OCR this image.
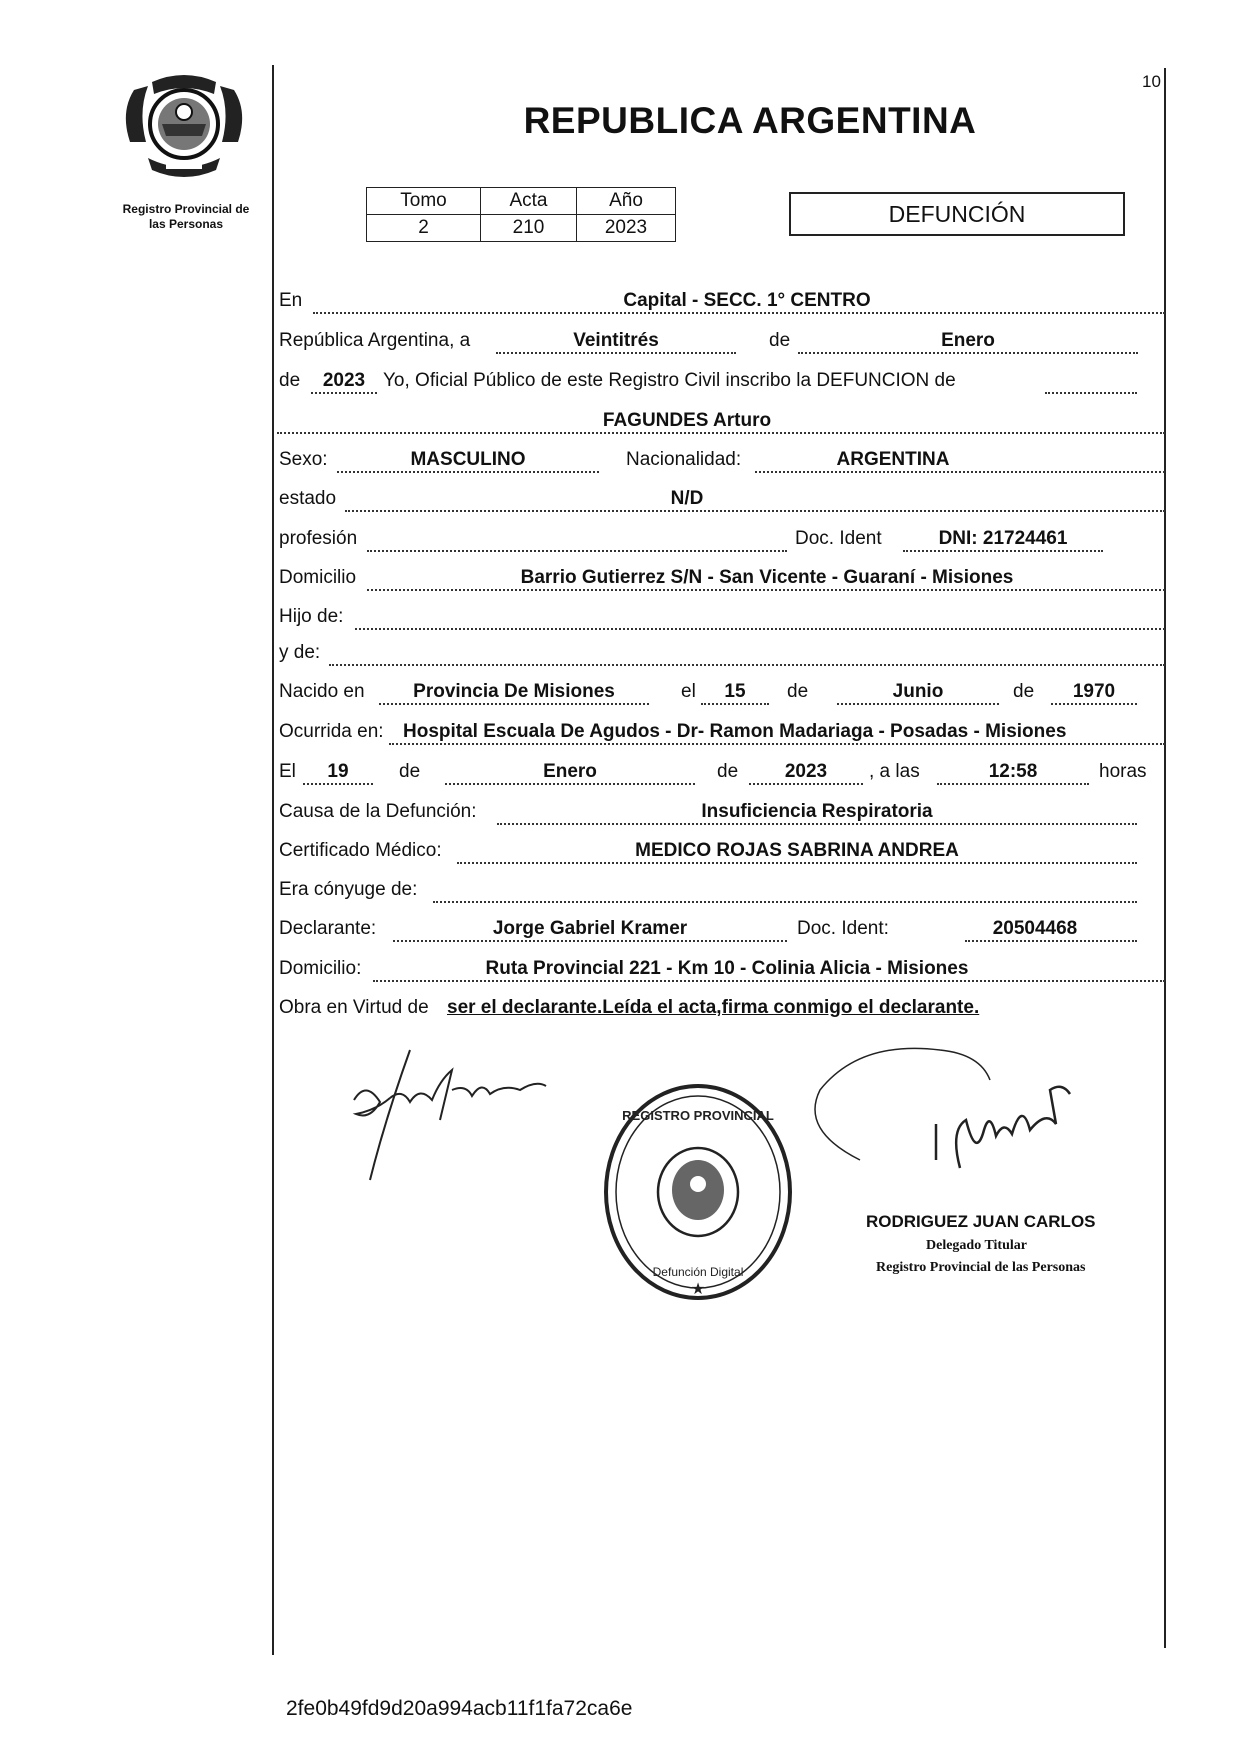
Registro Provincial de
las Personas
10
REPUBLICA ARGENTINA
Tomo	Acta	Año
2	210	2023
DEFUNCIÓN
En	Capital - SECC. 1° CENTRO
República Argentina, a	Veintitrés	de	Enero
de	2023 Yo, Oficial Público de este Registro Civil inscribo la DEFUNCION de
FAGUNDES Arturo
Sexo:	MASCULINO	Nacionalidad:	ARGENTINA
estado	N/D
profesión	Doc. Ident	DNI: 21724461
Domicilio	Barrio Gutierrez S/N - San Vicente - Guaraní - Misiones
Hijo de:
y de:
Nacido en	Provincia De Misiones	el	15	de	Junio	de	1970
Ocurrida en: Hospital Escuala De Agudos - Dr- Ramon Madariaga - Posadas - Misiones
El	19	de	Enero	de	2023	, a las	12:58	horas
Causa de la Defunción:	Insuficiencia Respiratoria
Certificado Médico:	MEDICO ROJAS SABRINA ANDREA
Era cónyuge de:
Declarante:	Jorge Gabriel Kramer	Doc. Ident:	20504468
Domicilio:	Ruta Provincial 221 - Km 10 - Colinia Alicia - Misiones
Obra en Virtud de ser el declarante.Leída el acta,firma conmigo el declarante.
REGISTRO PROVINCIAL
Defunción Digital
★
RODRIGUEZ JUAN CARLOS
Delegado Titular
Registro Provincial de las Personas
2fe0b49fd9d20a994acb11f1fa72ca6e
